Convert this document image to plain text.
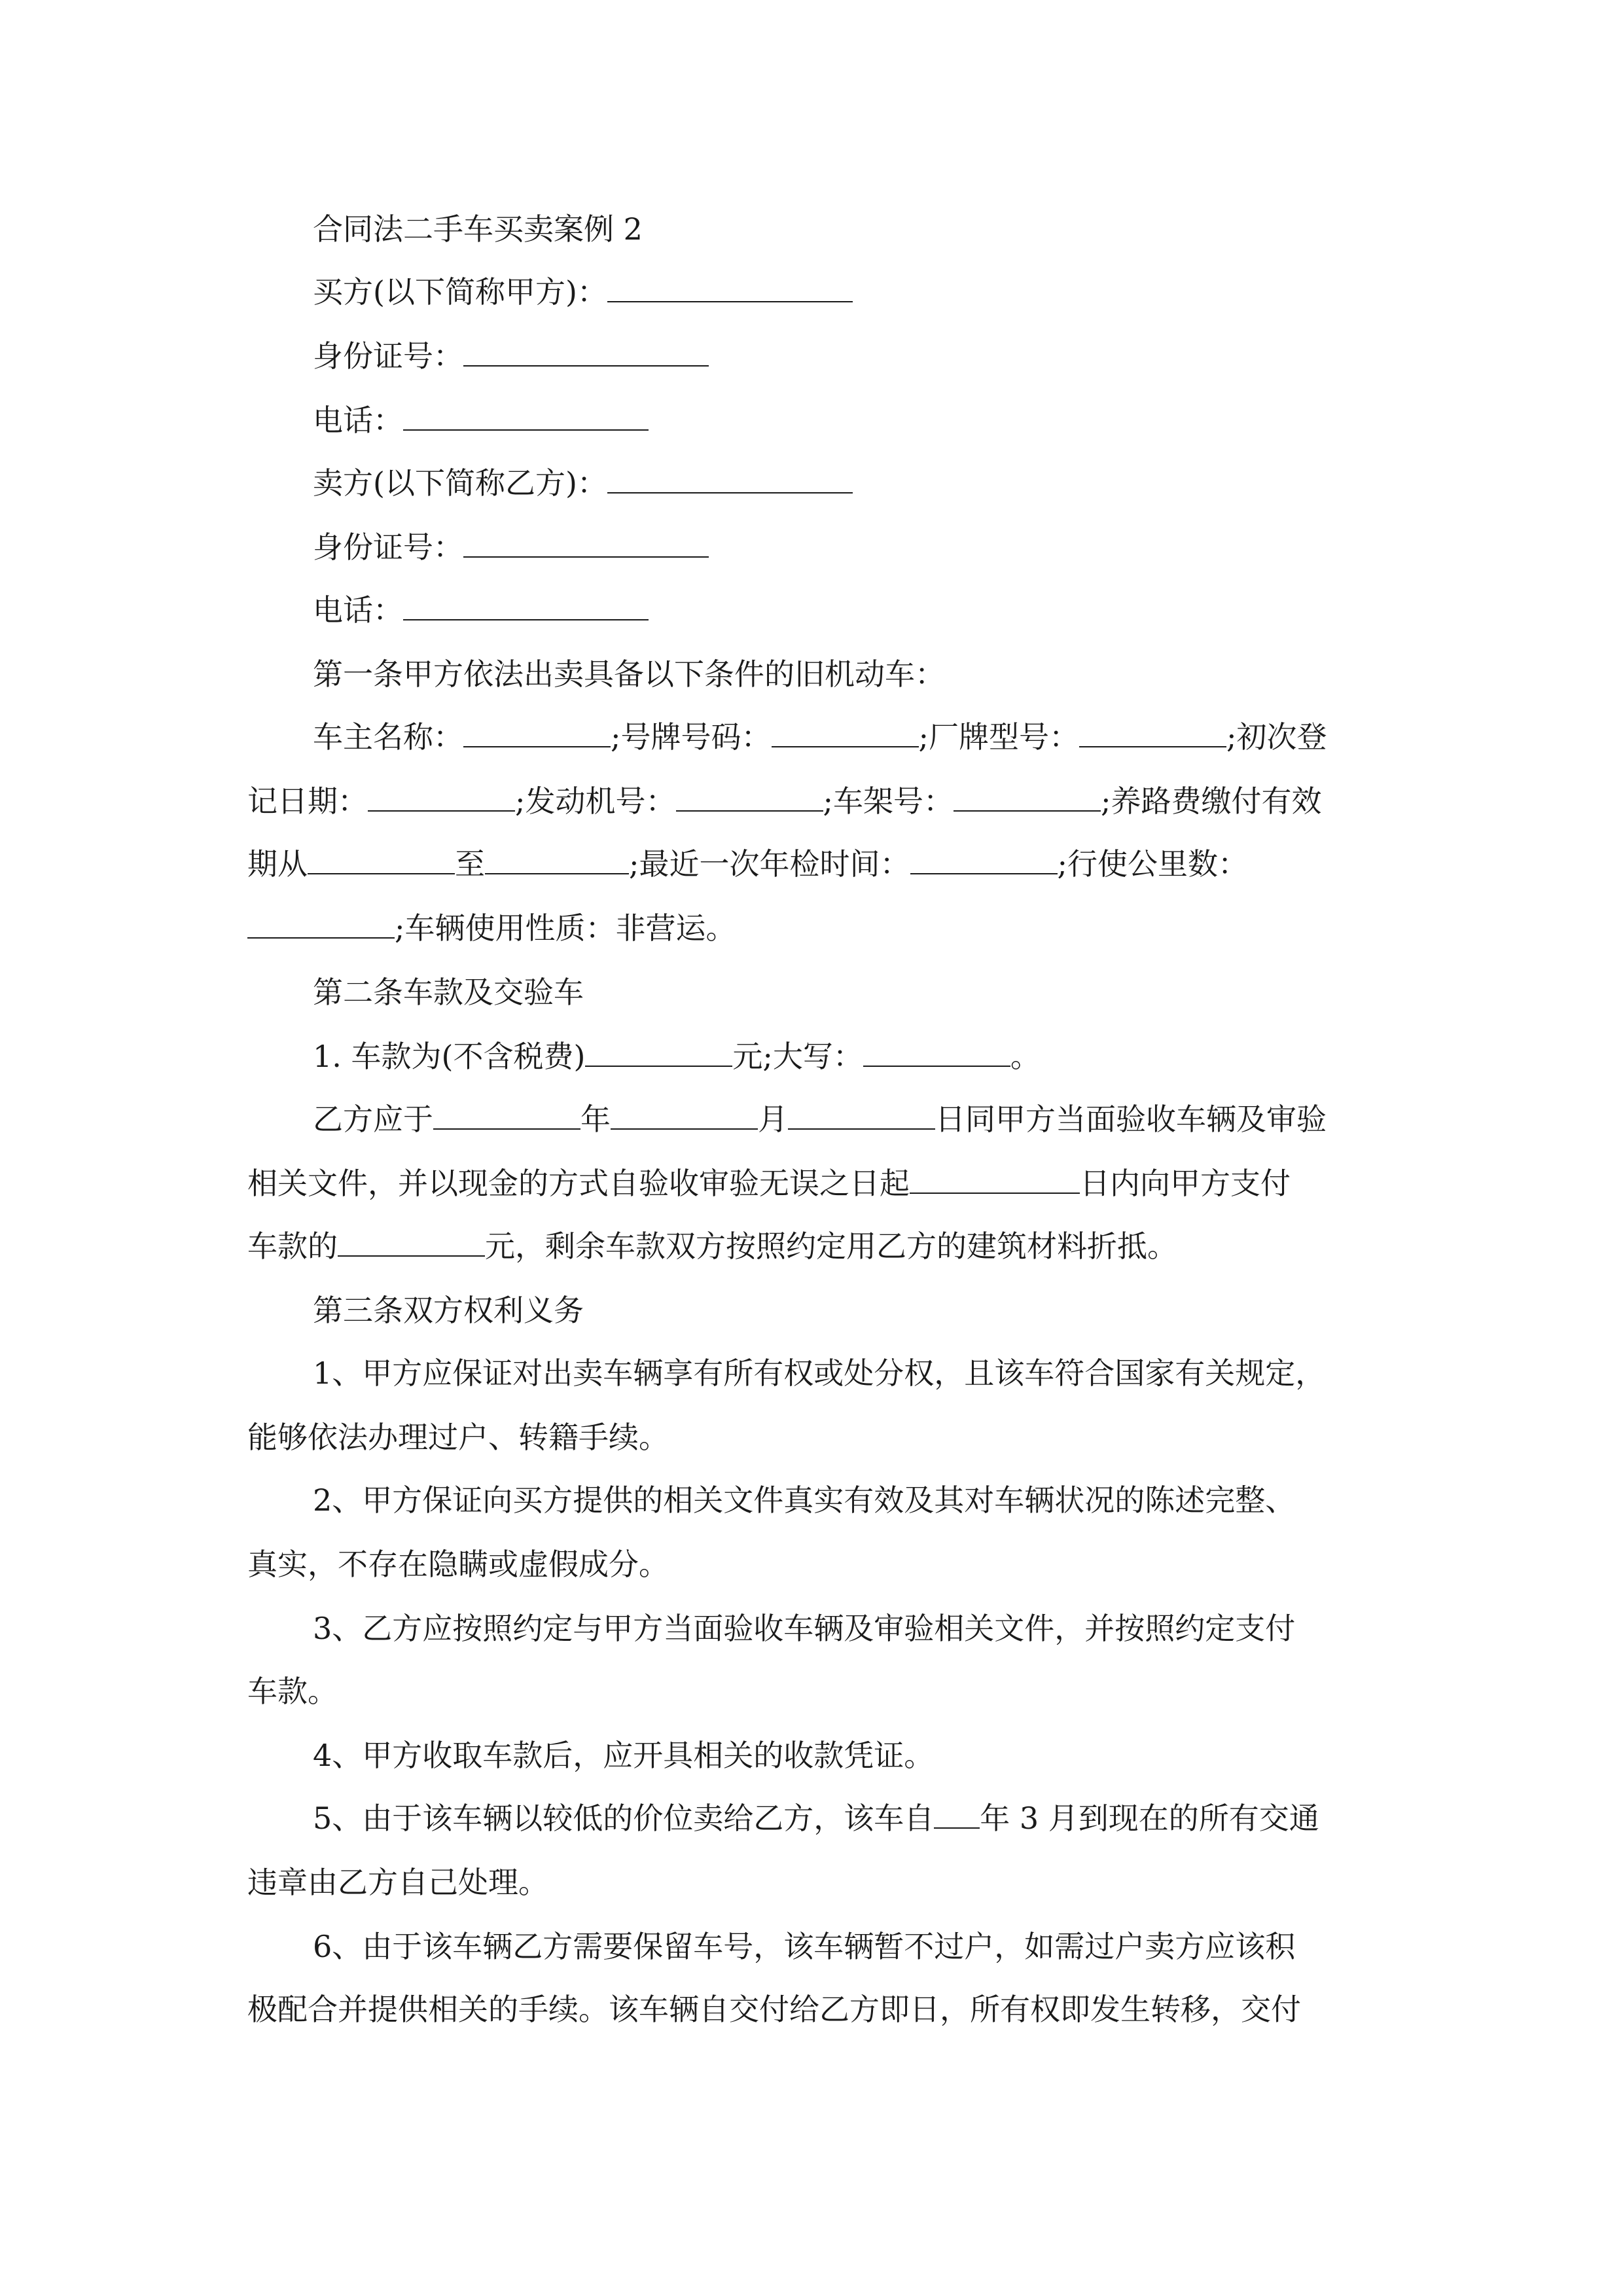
合同法二手车买卖案例 2
买方(以下简称甲方)：
身份证号：
电话：
卖方(以下简称乙方)：
身份证号：
电话：
第一条甲方依法出卖具备以下条件的旧机动车：
车主名称：	;号牌号码：	;厂牌型号：	;初次登
记日期：	;发动机号：	;车架号：	;养路费缴付有效
期从	至	;最近一次年检时间：	;行使公里数：
;车辆使用性质：非营运。
第二条车款及交验车
1. 车款为(不含税费)	元;大写：	。
乙方应于	年	月	日同甲方当面验收车辆及审验
相关文件，并以现金的方式自验收审验无误之日起	日内向甲方支付
车款的	元，剩余车款双方按照约定用乙方的建筑材料折抵。
第三条双方权利义务
1、甲方应保证对出卖车辆享有所有权或处分权，且该车符合国家有关规定，
能够依法办理过户、转籍手续。
2、甲方保证向买方提供的相关文件真实有效及其对车辆状况的陈述完整、
真实，不存在隐瞒或虚假成分。
3、乙方应按照约定与甲方当面验收车辆及审验相关文件，并按照约定支付
车款。
4、甲方收取车款后，应开具相关的收款凭证。
5、由于该车辆以较低的价位卖给乙方，该车自 年 3 月到现在的所有交通
违章由乙方自己处理。
6、由于该车辆乙方需要保留车号，该车辆暂不过户，如需过户卖方应该积
极配合并提供相关的手续。该车辆自交付给乙方即日，所有权即发生转移，交付
